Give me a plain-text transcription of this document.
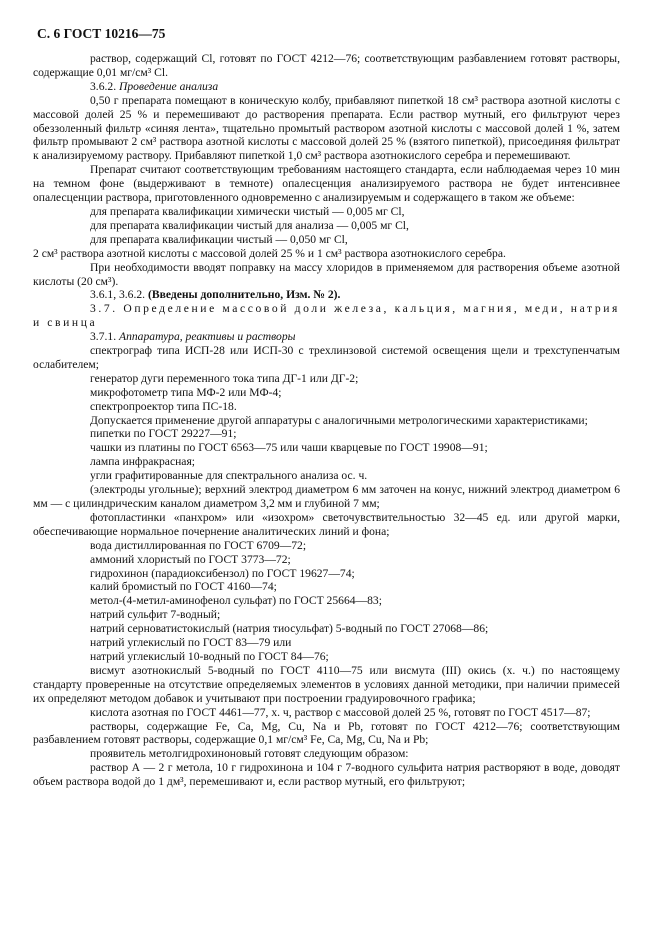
С. 6 ГОСТ 10216—75

раствор, содержащий Cl, готовят по ГОСТ 4212—76; соответствующим разбавлением готовят растворы, содержащие 0,01 мг/см³ Cl.

3.6.2. Проведение анализа

0,50 г препарата помещают в коническую колбу, прибавляют пипеткой 18 см³ раствора азотной кислоты с массовой долей 25 % и перемешивают до растворения препарата. Если раствор мутный, его фильтруют через обеззоленный фильтр «синяя лента», тщательно промытый раствором азотной кислоты с массовой долей 1 %, затем фильтр промывают 2 см³ раствора азотной кислоты с массовой долей 25 % (взятого пипеткой), присоединяя фильтрат к анализируемому раствору. Прибавляют пипеткой 1,0 см³ раствора азотнокислого серебра и перемешивают.

Препарат считают соответствующим требованиям настоящего стандарта, если наблюдаемая через 10 мин на темном фоне (выдерживают в темноте) опалесценция анализируемого раствора не будет интенсивнее опалесценции раствора, приготовленного одновременно с анализируемым и содержащего в таком же объеме:

для препарата квалификации химически чистый — 0,005 мг Cl,

для препарата квалификации чистый для анализа — 0,005 мг Cl,

для препарата квалификации чистый — 0,050 мг Cl,

2 см³ раствора азотной кислоты с массовой долей 25 % и 1 см³ раствора азотнокислого серебра.

При необходимости вводят поправку на массу хлоридов в применяемом для растворения объеме азотной кислоты (20 см³).

3.6.1, 3.6.2. (Введены дополнительно, Изм. № 2).

3.7. Определение массовой доли железа, кальция, магния, меди, натрия и свинца

3.7.1. Аппаратура, реактивы и растворы

спектрограф типа ИСП-28 или ИСП-30 с трехлинзовой системой освещения щели и трехступенчатым ослабителем;

генератор дуги переменного тока типа ДГ-1 или ДГ-2;

микрофотометр типа МФ-2 или МФ-4;

спектропроектор типа ПС-18.

Допускается применение другой аппаратуры с аналогичными метрологическими характеристиками;

пипетки по ГОСТ 29227—91;

чашки из платины по ГОСТ 6563—75 или чаши кварцевые по ГОСТ 19908—91;

лампа инфракрасная;

угли графитированные для спектрального анализа ос. ч.

(электроды угольные); верхний электрод диаметром 6 мм заточен на конус, нижний электрод диаметром 6 мм — с цилиндрическим каналом диаметром 3,2 мм и глубиной 7 мм;

фотопластинки «панхром» или «изохром» светочувствительностью 32—45 ед. или другой марки, обеспечивающие нормальное почернение аналитических линий и фона;

вода дистиллированная по ГОСТ 6709—72;

аммоний хлористый по ГОСТ 3773—72;

гидрохинон (парадиоксибензол) по ГОСТ 19627—74;

калий бромистый по ГОСТ 4160—74;

метол-(4-метил-аминофенол сульфат) по ГОСТ 25664—83;

натрий сульфит 7-водный;

натрий серноватистокислый (натрия тиосульфат) 5-водный по ГОСТ 27068—86;

натрий углекислый по ГОСТ 83—79 или

натрий углекислый 10-водный по ГОСТ 84—76;

висмут азотнокислый 5-водный по ГОСТ 4110—75 или висмута (III) окись (х. ч.) по настоящему стандарту проверенные на отсутствие определяемых элементов в условиях данной методики, при наличии примесей их определяют методом добавок и учитывают при построении градуировочного графика;

кислота азотная по ГОСТ 4461—77, х. ч, раствор с массовой долей 25 %, готовят по ГОСТ 4517—87;

растворы, содержащие Fe, Ca, Mg, Cu, Na и Pb, готовят по ГОСТ 4212—76; соответствующим разбавлением готовят растворы, содержащие 0,1 мг/см³ Fe, Ca, Mg, Cu, Na и Pb;

проявитель метолгидрохиноновый готовят следующим образом:

раствор А — 2 г метола, 10 г гидрохинона и 104 г 7-водного сульфита натрия растворяют в воде, доводят объем раствора водой до 1 дм³, перемешивают и, если раствор мутный, его фильтруют;
